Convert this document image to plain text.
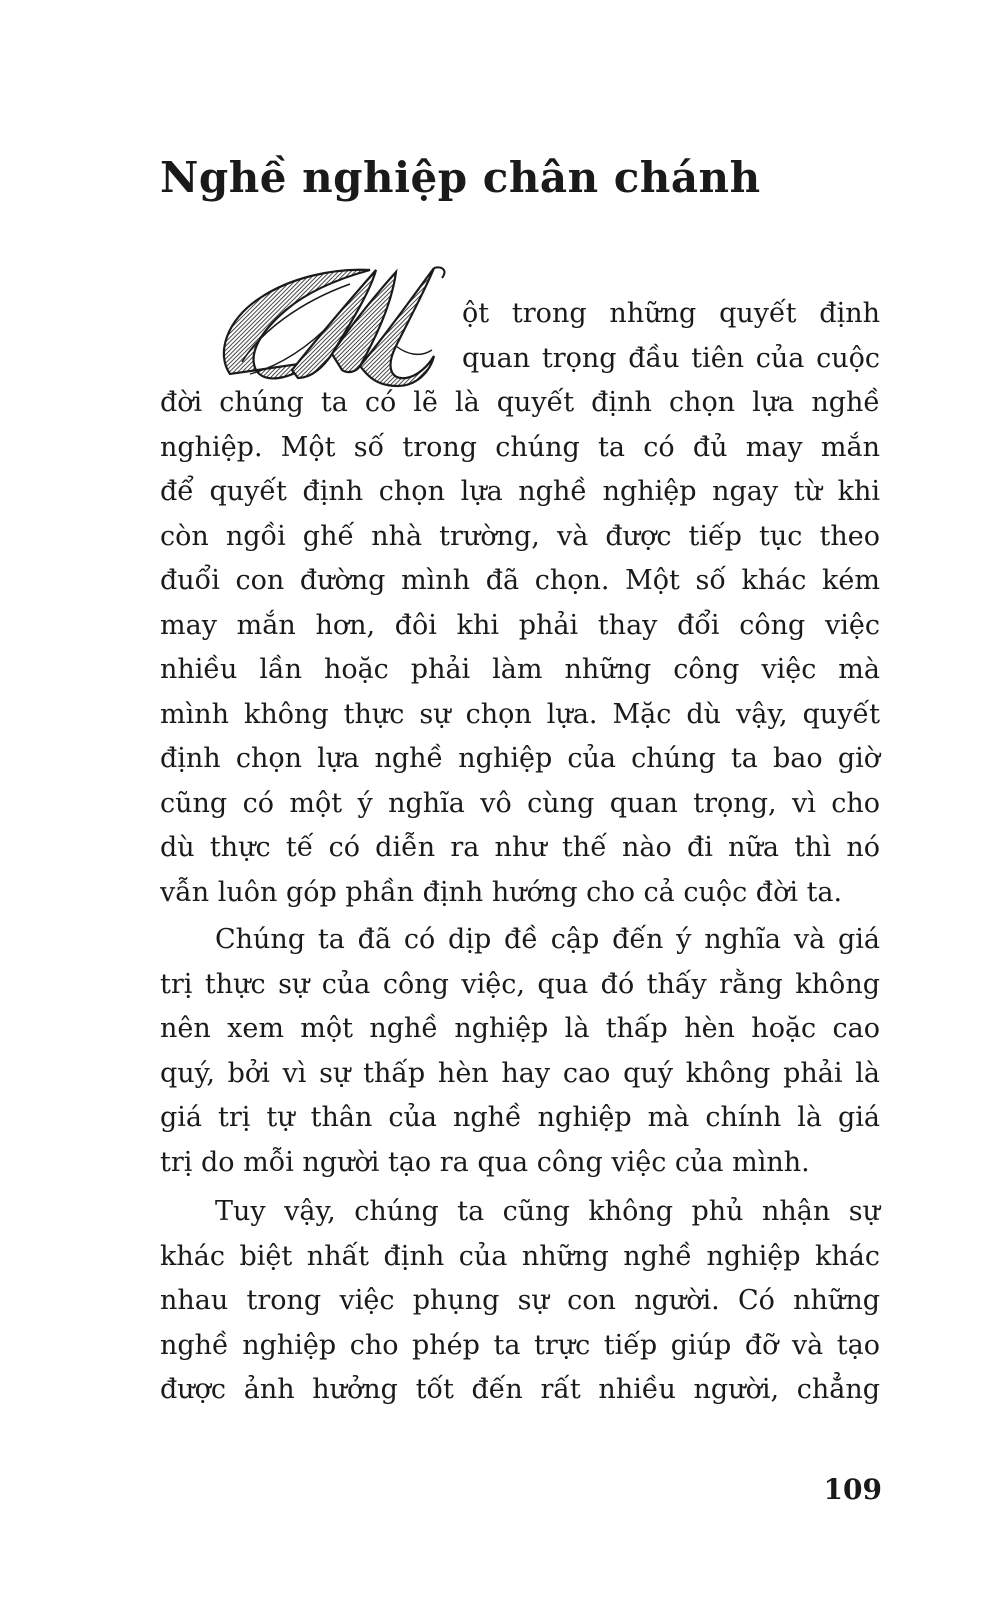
Nghề nghiệp chân chánh
ột trong những quyết định
quan trọng đầu tiên của cuộc
đời chúng ta có lẽ là quyết định chọn lựa nghề
nghiệp. Một số trong chúng ta có đủ may mắn
để quyết định chọn lựa nghề nghiệp ngay từ khi
còn ngồi ghế nhà trường, và được tiếp tục theo
đuổi con đường mình đã chọn. Một số khác kém
may mắn hơn, đôi khi phải thay đổi công việc
nhiều lần hoặc phải làm những công việc mà
mình không thực sự chọn lựa. Mặc dù vậy, quyết
định chọn lựa nghề nghiệp của chúng ta bao giờ
cũng có một ý nghĩa vô cùng quan trọng, vì cho
dù thực tế có diễn ra như thế nào đi nữa thì nó
vẫn luôn góp phần định hướng cho cả cuộc đời ta.
Chúng ta đã có dịp đề cập đến ý nghĩa và giá
trị thực sự của công việc, qua đó thấy rằng không
nên xem một nghề nghiệp là thấp hèn hoặc cao
quý, bởi vì sự thấp hèn hay cao quý không phải là
giá trị tự thân của nghề nghiệp mà chính là giá
trị do mỗi người tạo ra qua công việc của mình.
Tuy vậy, chúng ta cũng không phủ nhận sự
khác biệt nhất định của những nghề nghiệp khác
nhau trong việc phụng sự con người. Có những
nghề nghiệp cho phép ta trực tiếp giúp đỡ và tạo
được ảnh hưởng tốt đến rất nhiều người, chẳng
109
